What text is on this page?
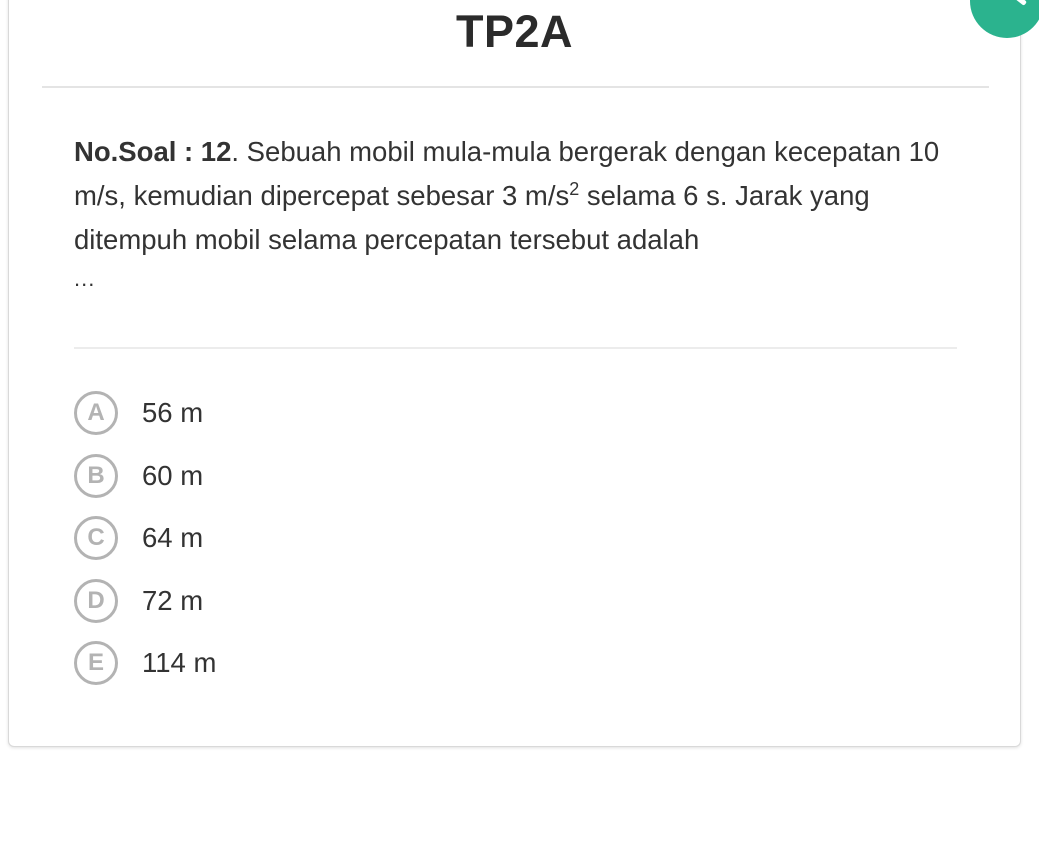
TP2A
No.Soal : 12. Sebuah mobil mula-mula bergerak dengan kecepatan 10 m/s, kemudian dipercepat sebesar 3 $m/s^2$ selama 6 s. Jarak yang ditempuh mobil selama percepatan tersebut adalah
...
A	56 m
B	60 m
C	64 m
D	72 m
E	114 m
